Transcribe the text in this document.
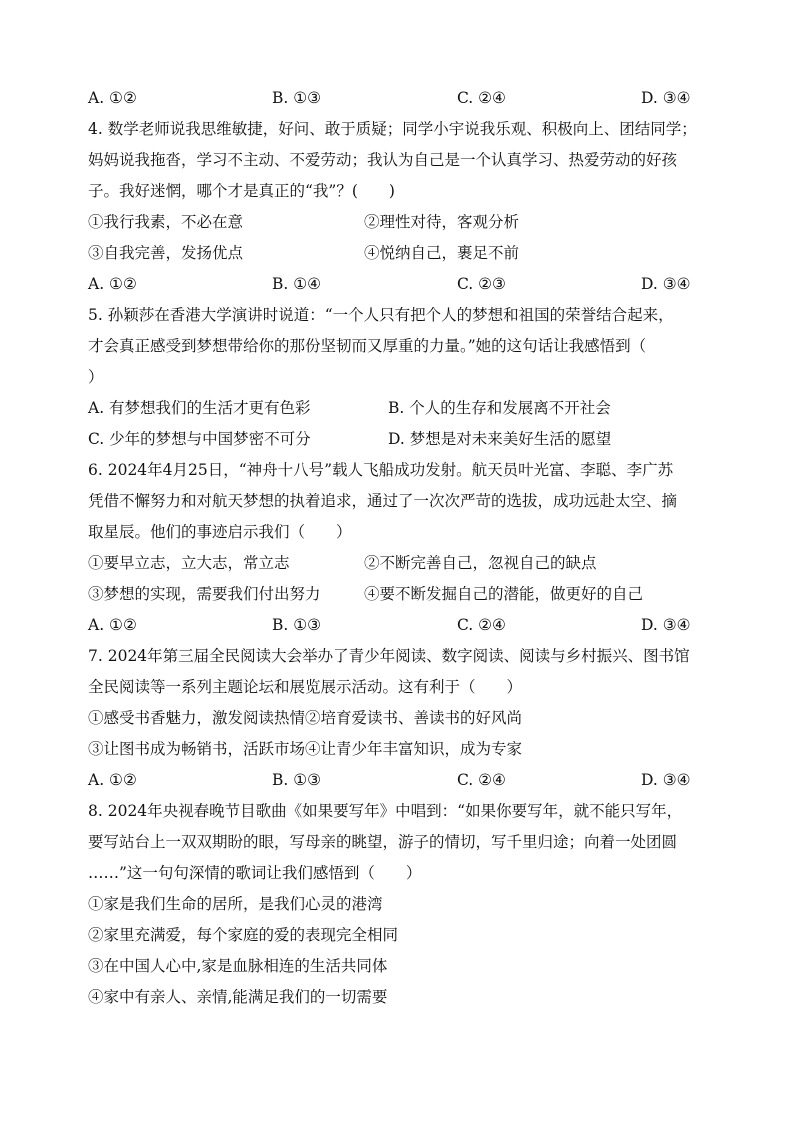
A. ①②	B. ①③	C. ②④	D. ③④
4. 数学老师说我思维敏捷，好问、敢于质疑；同学小宇说我乐观、积极向上、团结同学；
妈妈说我拖沓，学习不主动、不爱劳动；我认为自己是一个认真学习、热爱劳动的好孩
子。我好迷惘，哪个才是真正的“我”？(　　)
①我行我素，不必在意	②理性对待，客观分析
③自我完善，发扬优点	④悦纳自己，裹足不前
A. ①②	B. ①④	C. ②③	D. ③④
5. 孙颖莎在香港大学演讲时说道：“一个人只有把个人的梦想和祖国的荣誉结合起来，
才会真正感受到梦想带给你的那份坚韧而又厚重的力量。”她的这句话让我感悟到（
）
A. 有梦想我们的生活才更有色彩	B. 个人的生存和发展离不开社会
C. 少年的梦想与中国梦密不可分	D. 梦想是对未来美好生活的愿望
6. 2024年4月25日，“神舟十八号”载人飞船成功发射。航天员叶光富、李聪、李广苏
凭借不懈努力和对航天梦想的执着追求，通过了一次次严苛的选拔，成功远赴太空、摘
取星辰。他们的事迹启示我们（　　）
①要早立志，立大志，常立志	②不断完善自己，忽视自己的缺点
③梦想的实现，需要我们付出努力	④要不断发掘自己的潜能，做更好的自己
A. ①②	B. ①③	C. ②④	D. ③④
7. 2024年第三届全民阅读大会举办了青少年阅读、数字阅读、阅读与乡村振兴、图书馆
全民阅读等一系列主题论坛和展览展示活动。这有利于（　　）
①感受书香魅力，激发阅读热情②培育爱读书、善读书的好风尚
③让图书成为畅销书，活跃市场④让青少年丰富知识，成为专家
A. ①②	B. ①③	C. ②④	D. ③④
8. 2024年央视春晚节目歌曲《如果要写年》中唱到：“如果你要写年，就不能只写年，
要写站台上一双双期盼的眼，写母亲的眺望，游子的情切，写千里归途；向着一处团圆
……”这一句句深情的歌词让我们感悟到（　　）
①家是我们生命的居所，是我们心灵的港湾
②家里充满爱，每个家庭的爱的表现完全相同
③在中国人心中,家是血脉相连的生活共同体
④家中有亲人、亲情,能满足我们的一切需要
